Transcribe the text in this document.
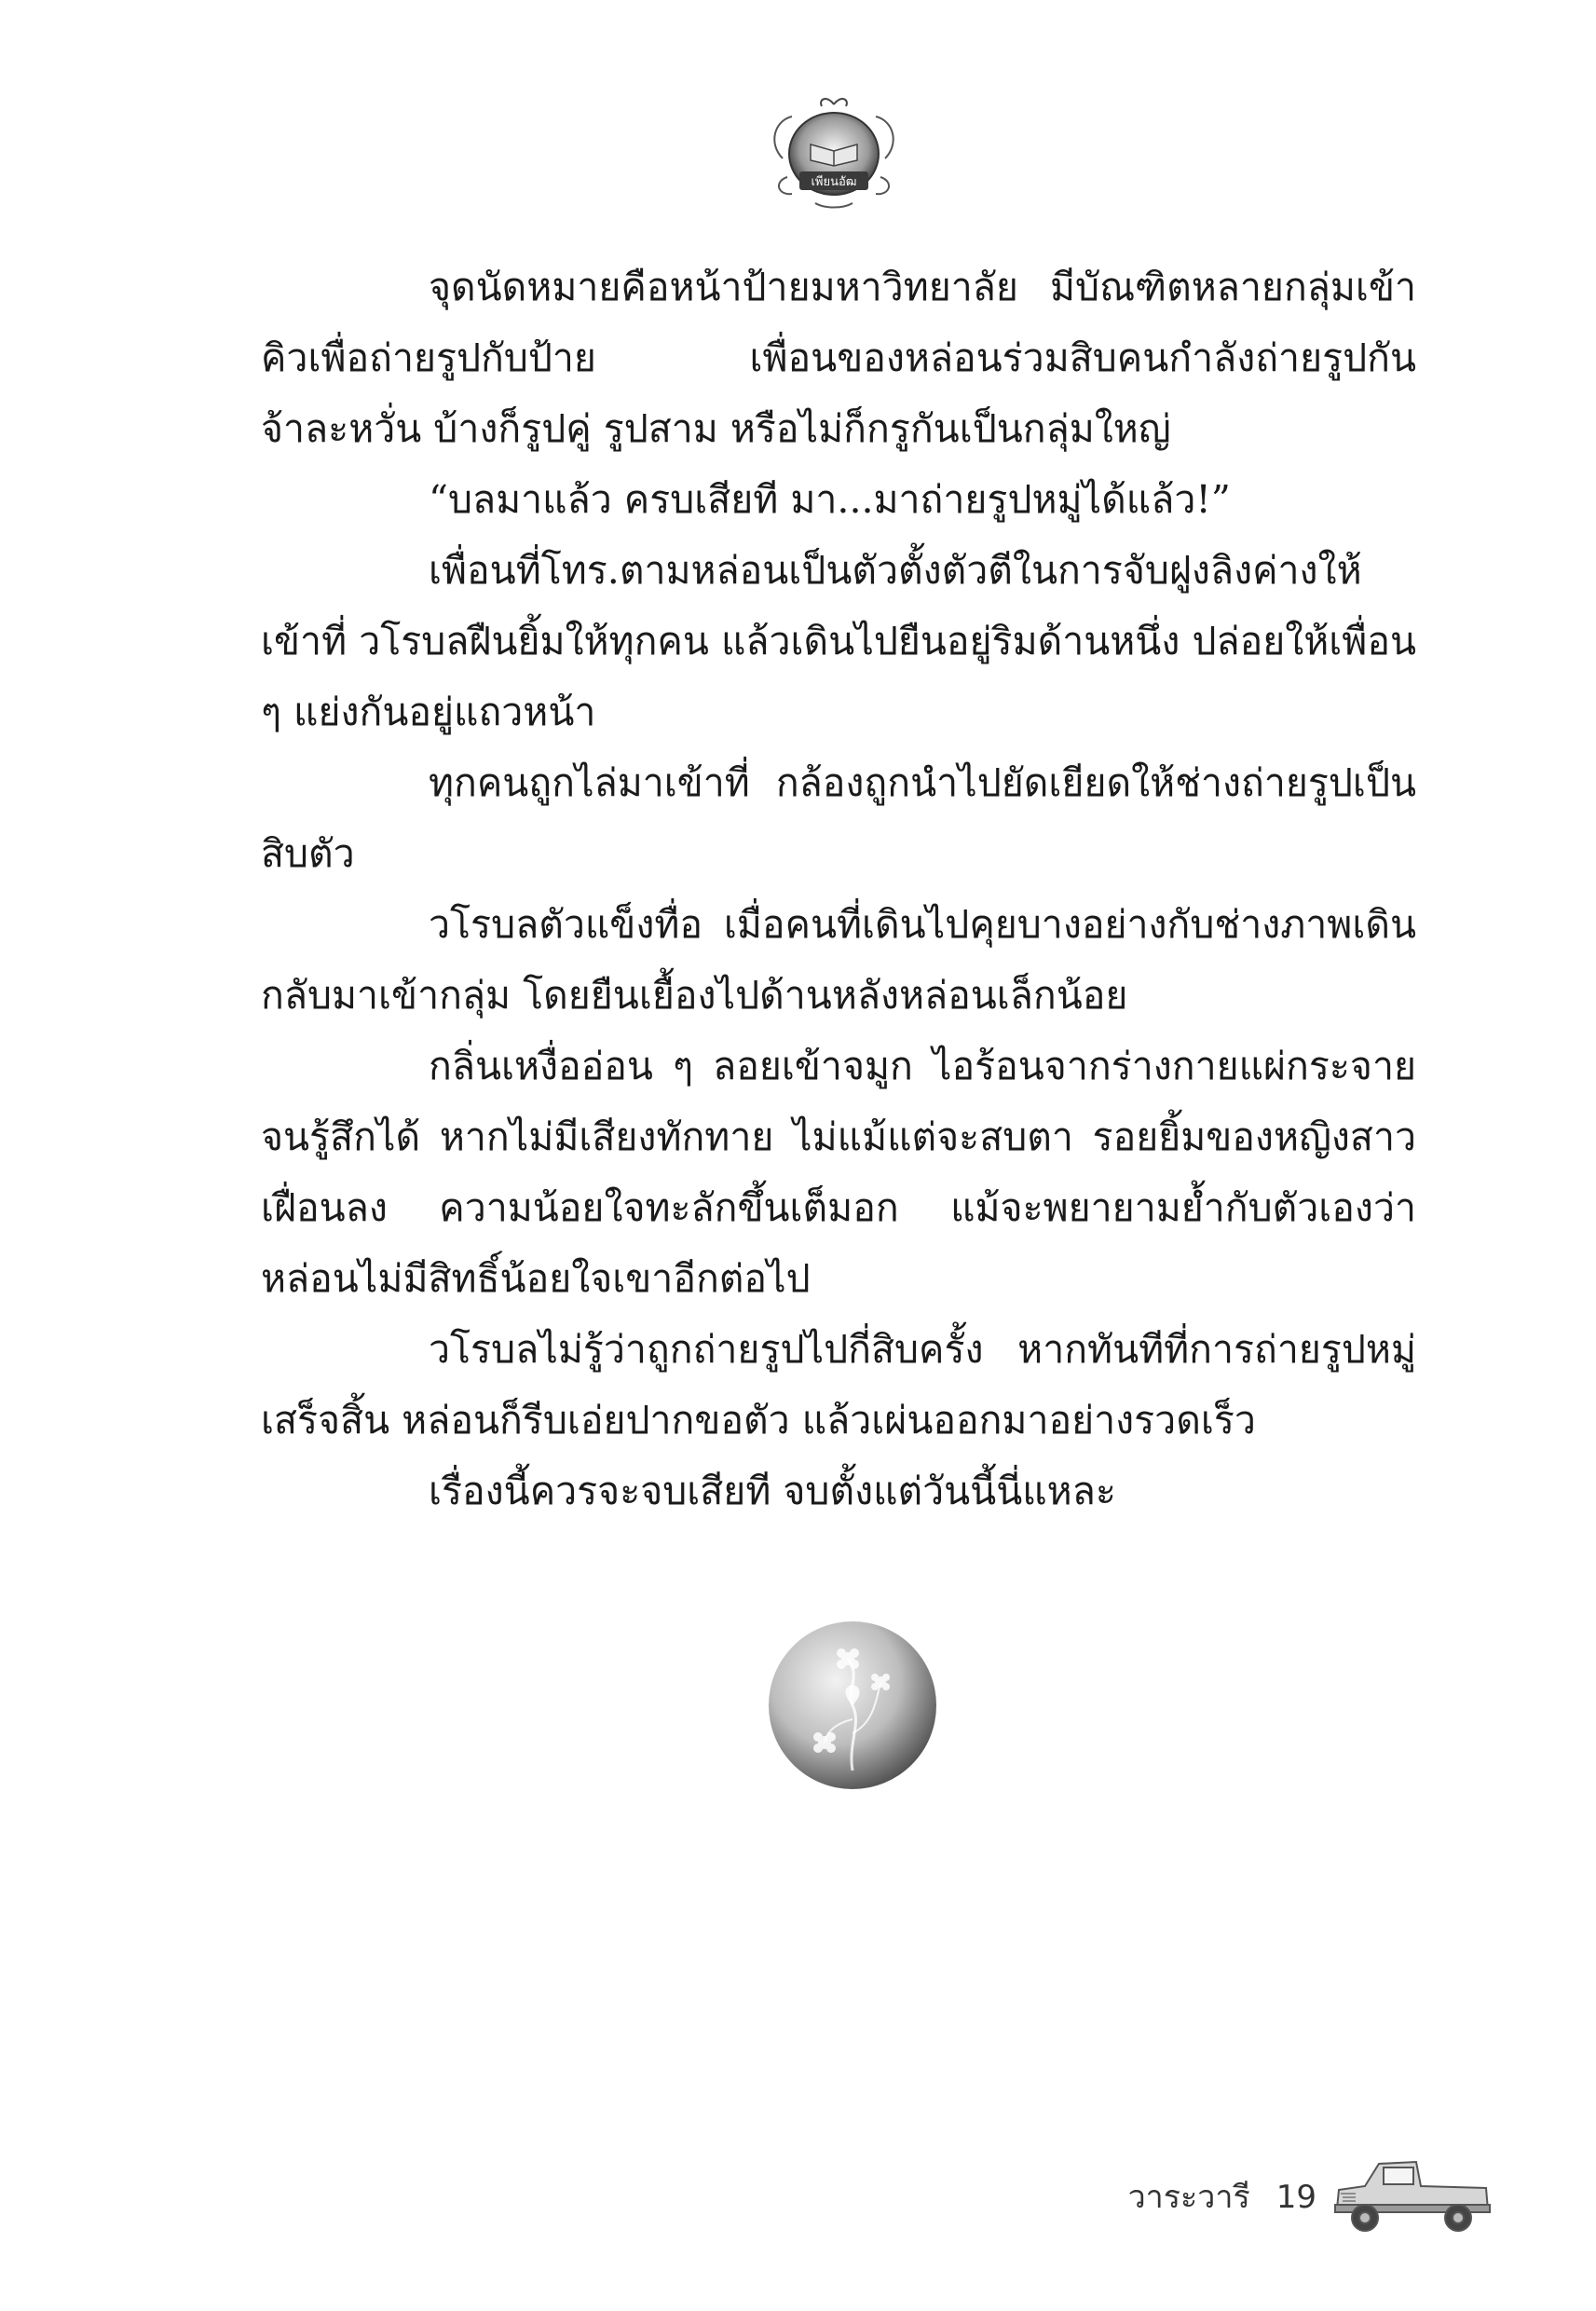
เพียนอัฒ

จุดนัดหมายคือหน้าป้ายมหาวิทยาลัย มีบัณฑิตหลายกลุ่มเข้าคิวเพื่อถ่ายรูปกับป้าย เพื่อนของหล่อนร่วมสิบคนกำลังถ่ายรูปกันจ้าละหวั่น บ้างก็รูปคู่ รูปสาม หรือไม่ก็กรูกันเป็นกลุ่มใหญ่

“บลมาแล้ว ครบเสียที มา...มาถ่ายรูปหมู่ได้แล้ว!”

เพื่อนที่โทร.ตามหล่อนเป็นตัวตั้งตัวตีในการจับฝูงลิงค่างให้เข้าที่ วโรบลฝืนยิ้มให้ทุกคน แล้วเดินไปยืนอยู่ริมด้านหนึ่ง ปล่อยให้เพื่อน ๆ แย่งกันอยู่แถวหน้า

ทุกคนถูกไล่มาเข้าที่ กล้องถูกนำไปยัดเยียดให้ช่างถ่ายรูปเป็นสิบตัว

วโรบลตัวแข็งทื่อ เมื่อคนที่เดินไปคุยบางอย่างกับช่างภาพเดินกลับมาเข้ากลุ่ม โดยยืนเยื้องไปด้านหลังหล่อนเล็กน้อย

กลิ่นเหงื่ออ่อน ๆ ลอยเข้าจมูก ไอร้อนจากร่างกายแผ่กระจายจนรู้สึกได้ หากไม่มีเสียงทักทาย ไม่แม้แต่จะสบตา รอยยิ้มของหญิงสาวเฝื่อนลง ความน้อยใจทะลักขึ้นเต็มอก แม้จะพยายามย้ำกับตัวเองว่าหล่อนไม่มีสิทธิ์น้อยใจเขาอีกต่อไป

วโรบลไม่รู้ว่าถูกถ่ายรูปไปกี่สิบครั้ง หากทันทีที่การถ่ายรูปหมู่เสร็จสิ้น หล่อนก็รีบเอ่ยปากขอตัว แล้วเผ่นออกมาอย่างรวดเร็ว

เรื่องนี้ควรจะจบเสียที จบตั้งแต่วันนี้นี่แหละ

วาระวารี 19
